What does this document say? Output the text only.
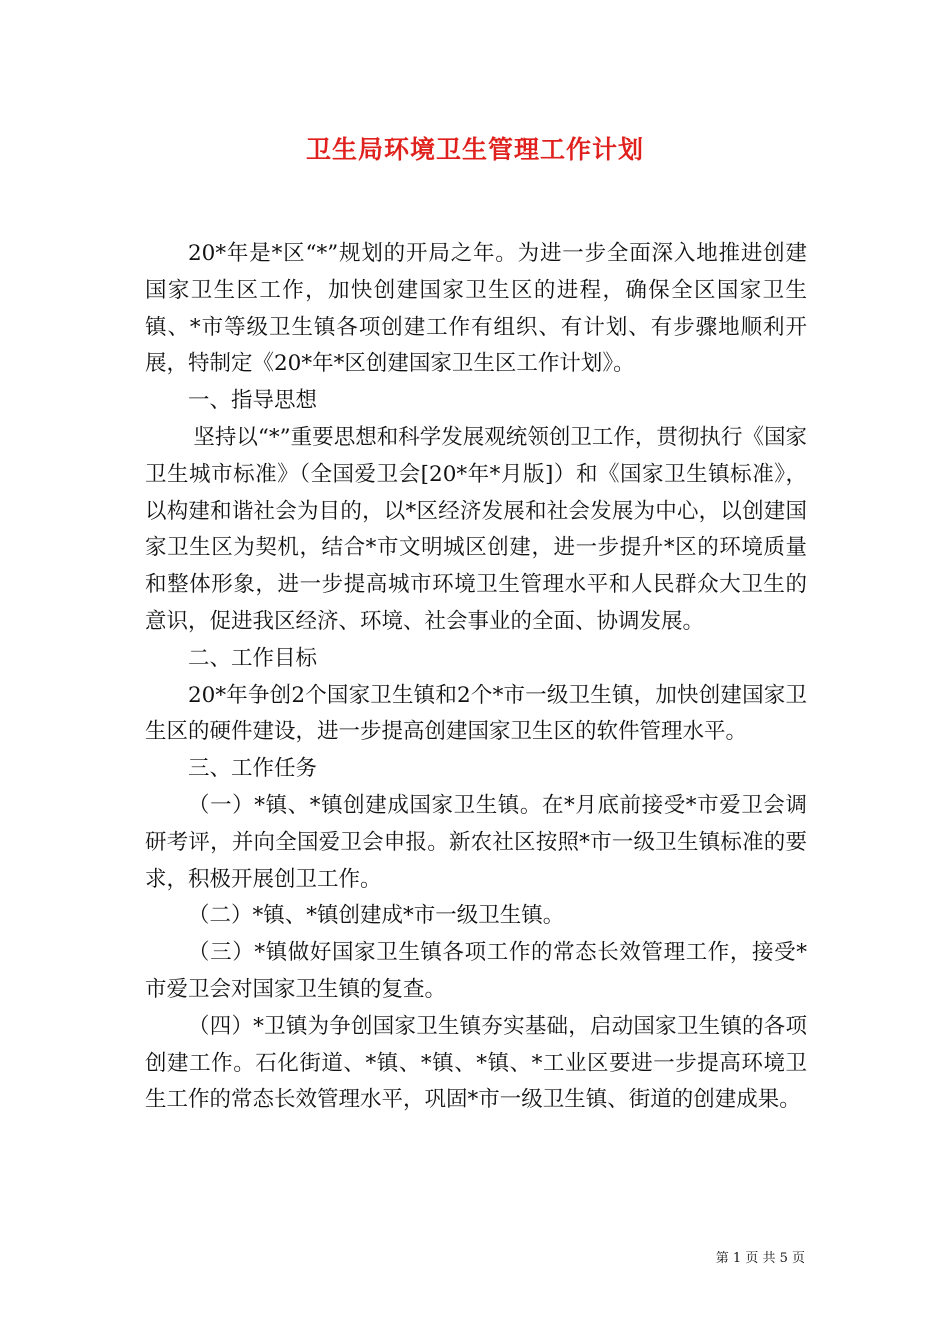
卫生局环境卫生管理工作计划

20*年是*区“*”规划的开局之年。为进一步全面深入地推进创建国家卫生区工作，加快创建国家卫生区的进程，确保全区国家卫生镇、*市等级卫生镇各项创建工作有组织、有计划、有步骤地顺利开展，特制定《20*年*区创建国家卫生区工作计划》。

一、指导思想

坚持以“*”重要思想和科学发展观统领创卫工作，贯彻执行《国家卫生城市标准》（全国爱卫会[20*年*月版]）和《国家卫生镇标准》，以构建和谐社会为目的，以*区经济发展和社会发展为中心，以创建国家卫生区为契机，结合*市文明城区创建，进一步提升*区的环境质量和整体形象，进一步提高城市环境卫生管理水平和人民群众大卫生的意识，促进我区经济、环境、社会事业的全面、协调发展。

二、工作目标

20*年争创2个国家卫生镇和2个*市一级卫生镇，加快创建国家卫生区的硬件建设，进一步提高创建国家卫生区的软件管理水平。

三、工作任务

（一）*镇、*镇创建成国家卫生镇。在*月底前接受*市爱卫会调研考评，并向全国爱卫会申报。新农社区按照*市一级卫生镇标准的要求，积极开展创卫工作。

（二）*镇、*镇创建成*市一级卫生镇。

（三）*镇做好国家卫生镇各项工作的常态长效管理工作，接受*市爱卫会对国家卫生镇的复查。

（四）*卫镇为争创国家卫生镇夯实基础，启动国家卫生镇的各项创建工作。石化街道、*镇、*镇、*镇、*工业区要进一步提高环境卫生工作的常态长效管理水平，巩固*市一级卫生镇、街道的创建成果。

第 1 页 共 5 页
